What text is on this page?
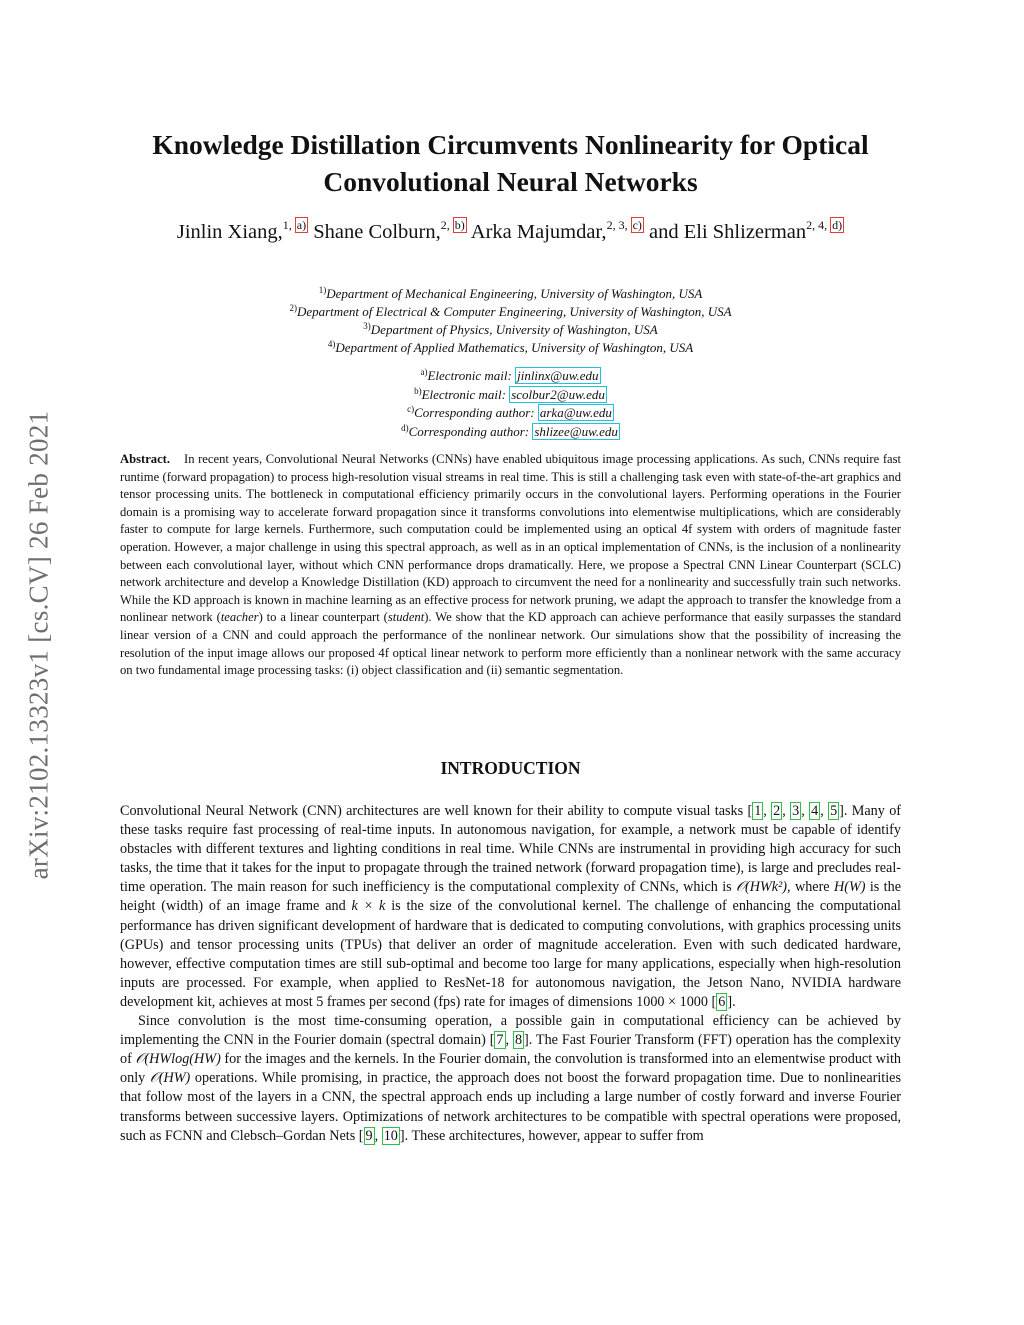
arXiv:2102.13323v1 [cs.CV] 26 Feb 2021
Knowledge Distillation Circumvents Nonlinearity for Optical Convolutional Neural Networks
Jinlin Xiang,$^{1, a)}$ Shane Colburn,$^{2, b)}$ Arka Majumdar,$^{2, 3, c)}$ and Eli Shlizerman$^{2, 4, d)}$
$^{1)}$Department of Mechanical Engineering, University of Washington, USA
$^{2)}$Department of Electrical & Computer Engineering, University of Washington, USA
$^{3)}$Department of Physics, University of Washington, USA
$^{4)}$Department of Applied Mathematics, University of Washington, USA
$^{a)}$Electronic mail: jinlinx@uw.edu
$^{b)}$Electronic mail: scolbur2@uw.edu
$^{c)}$Corresponding author: arka@uw.edu
$^{d)}$Corresponding author: shlizee@uw.edu

Abstract. In recent years, Convolutional Neural Networks (CNNs) have enabled ubiquitous image processing applications. As such, CNNs require fast runtime (forward propagation) to process high-resolution visual streams in real time. This is still a challenging task even with state-of-the-art graphics and tensor processing units. The bottleneck in computational efficiency primarily occurs in the convolutional layers. Performing operations in the Fourier domain is a promising way to accelerate forward propagation since it transforms convolutions into elementwise multiplications, which are considerably faster to compute for large kernels. Furthermore, such computation could be implemented using an optical 4f system with orders of magnitude faster operation. However, a major challenge in using this spectral approach, as well as in an optical implementation of CNNs, is the inclusion of a nonlinearity between each convolutional layer, without which CNN performance drops dramatically. Here, we propose a Spectral CNN Linear Counterpart (SCLC) network architecture and develop a Knowledge Distillation (KD) approach to circumvent the need for a nonlinearity and successfully train such networks. While the KD approach is known in machine learning as an effective process for network pruning, we adapt the approach to transfer the knowledge from a nonlinear network (teacher) to a linear counterpart (student). We show that the KD approach can achieve performance that easily surpasses the standard linear version of a CNN and could approach the performance of the nonlinear network. Our simulations show that the possibility of increasing the resolution of the input image allows our proposed 4f optical linear network to perform more efficiently than a nonlinear network with the same accuracy on two fundamental image processing tasks: (i) object classification and (ii) semantic segmentation.

INTRODUCTION

Convolutional Neural Network (CNN) architectures are well known for their ability to compute visual tasks [ 1 , 2 , 3 , 4 , 5 ]. Many of these tasks require fast processing of real-time inputs. In autonomous navigation, for example, a network must be capable of identify obstacles with different textures and lighting conditions in real time. While CNNs are instrumental in providing high accuracy for such tasks, the time that it takes for the input to propagate through the trained network (forward propagation time), is large and precludes real-time operation. The main reason for such inefficiency is the computational complexity of CNNs, which is 𝒪(HWk²), where H(W) is the height (width) of an image frame and k × k is the size of the convolutional kernel. The challenge of enhancing the computational performance has driven significant development of hardware that is dedicated to computing convolutions, with graphics processing units (GPUs) and tensor processing units (TPUs) that deliver an order of magnitude acceleration. Even with such dedicated hardware, however, effective computation times are still sub-optimal and become too large for many applications, especially when high-resolution inputs are processed. For example, when applied to ResNet-18 for autonomous navigation, the Jetson Nano, NVIDIA hardware development kit, achieves at most 5 frames per second (fps) rate for images of dimensions 1000 × 1000 [ 6 ].

Since convolution is the most time-consuming operation, a possible gain in computational efficiency can be achieved by implementing the CNN in the Fourier domain (spectral domain) [ 7 , 8 ]. The Fast Fourier Transform (FFT) operation has the complexity of 𝒪(HWlog(HW) for the images and the kernels. In the Fourier domain, the convolution is transformed into an elementwise product with only 𝒪(HW) operations. While promising, in practice, the approach does not boost the forward propagation time. Due to nonlinearities that follow most of the layers in a CNN, the spectral approach ends up including a large number of costly forward and inverse Fourier transforms between successive layers. Optimizations of network architectures to be compatible with spectral operations were proposed, such as FCNN and Clebsch–Gordan Nets [ 9 , 10 ]. These architectures, however, appear to suffer from
